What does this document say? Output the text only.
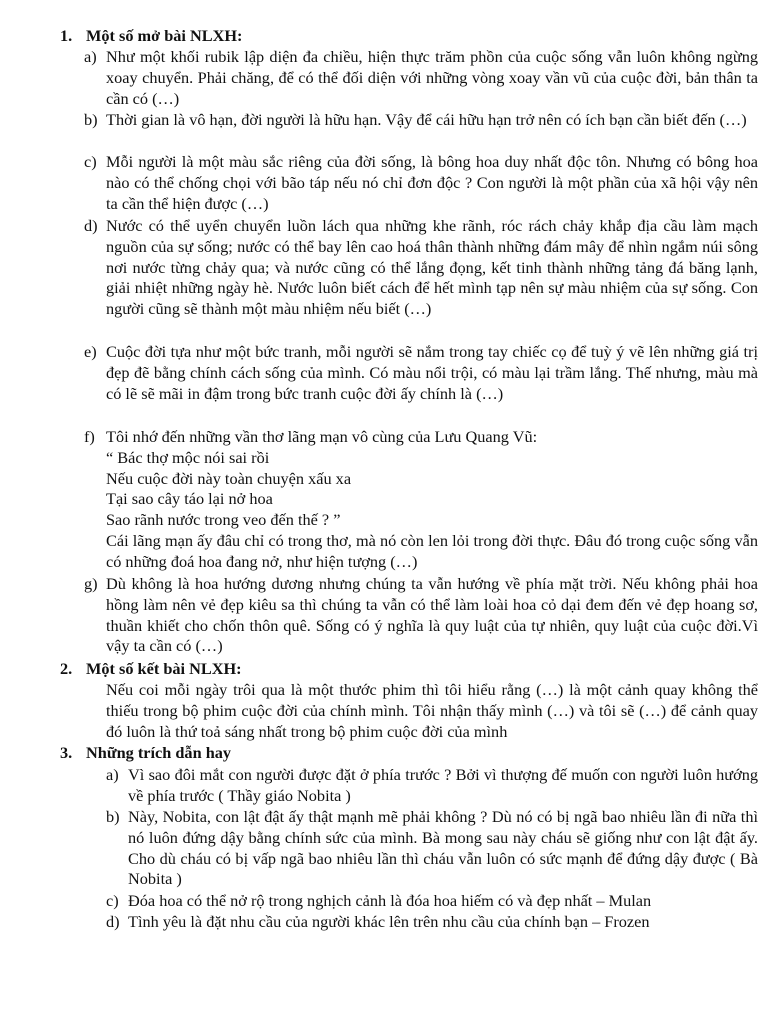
1. Một số mở bài NLXH:
a) Như một khối rubik lập diện đa chiều, hiện thực trăm phồn của cuộc sống vẫn luôn không ngừng xoay chuyển. Phải chăng, để có thể đối diện với những vòng xoay vần vũ của cuộc đời, bản thân ta cần có (…)
b) Thời gian là vô hạn, đời người là hữu hạn. Vậy để cái hữu hạn trở nên có ích bạn cần biết đến (…)
c) Mỗi người là một màu sắc riêng của đời sống, là bông hoa duy nhất độc tôn. Nhưng có bông hoa nào có thể chống chọi với bão táp nếu nó chỉ đơn độc ? Con người là một phần của xã hội vậy nên ta cần thể hiện được (…)
d) Nước có thể uyển chuyển luồn lách qua những khe rãnh, róc rách chảy khắp địa cầu làm mạch nguồn của sự sống; nước có thể bay lên cao hoá thân thành những đám mây để nhìn ngắm núi sông nơi nước từng chảy qua; và nước cũng có thể lắng đọng, kết tinh thành những tảng đá băng lạnh, giải nhiệt những ngày hè. Nước luôn biết cách để hết mình tạp nên sự màu nhiệm của sự sống. Con người cũng sẽ thành một màu nhiệm nếu biết (…)
e) Cuộc đời tựa như một bức tranh, mỗi người sẽ nắm trong tay chiếc cọ để tuỳ ý vẽ lên những giá trị đẹp đẽ bằng chính cách sống của mình. Có màu nổi trội, có màu lại trầm lắng. Thế nhưng, màu mà có lẽ sẽ mãi in đậm trong bức tranh cuộc đời ấy chính là (…)
f) Tôi nhớ đến những vần thơ lãng mạn vô cùng của Lưu Quang Vũ:
“ Bác thợ mộc nói sai rồi
Nếu cuộc đời này toàn chuyện xấu xa
Tại sao cây táo lại nở hoa
Sao rãnh nước trong veo đến thế ? ”
Cái lãng mạn ấy đâu chỉ có trong thơ, mà nó còn len lỏi trong đời thực. Đâu đó trong cuộc sống vẫn có những đoá hoa đang nở, như hiện tượng (…)
g) Dù không là hoa hướng dương nhưng chúng ta vẫn hướng về phía mặt trời. Nếu không phải hoa hồng làm nên vẻ đẹp kiêu sa thì chúng ta vẫn có thể làm loài hoa cỏ dại đem đến vẻ đẹp hoang sơ, thuần khiết cho chốn thôn quê. Sống có ý nghĩa là quy luật của tự nhiên, quy luật của cuộc đời.Vì vậy ta cần có (…)
2. Một số kết bài NLXH:
Nếu coi mỗi ngày trôi qua là một thước phim thì tôi hiểu rằng (…) là một cảnh quay không thể thiếu trong bộ phim cuộc đời của chính mình. Tôi nhận thấy mình (…) và tôi sẽ (…) để cảnh quay đó luôn là thứ toả sáng nhất trong bộ phim cuộc đời của mình
3. Những trích dẫn hay
a) Vì sao đôi mắt con người được đặt ở phía trước ? Bởi vì thượng đế muốn con người luôn hướng về phía trước ( Thầy giáo Nobita )
b) Này, Nobita, con lật đật ấy thật mạnh mẽ phải không ? Dù nó có bị ngã bao nhiêu lần đi nữa thì nó luôn đứng dậy bằng chính sức của mình. Bà mong sau này cháu sẽ giống như con lật đật ấy. Cho dù cháu có bị vấp ngã bao nhiêu lần thì cháu vẫn luôn có sức mạnh để đứng dậy được ( Bà Nobita )
c) Đóa hoa có thể nở rộ trong nghịch cảnh là đóa hoa hiếm có và đẹp nhất – Mulan
d) Tình yêu là đặt nhu cầu của người khác lên trên nhu cầu của chính bạn – Frozen
